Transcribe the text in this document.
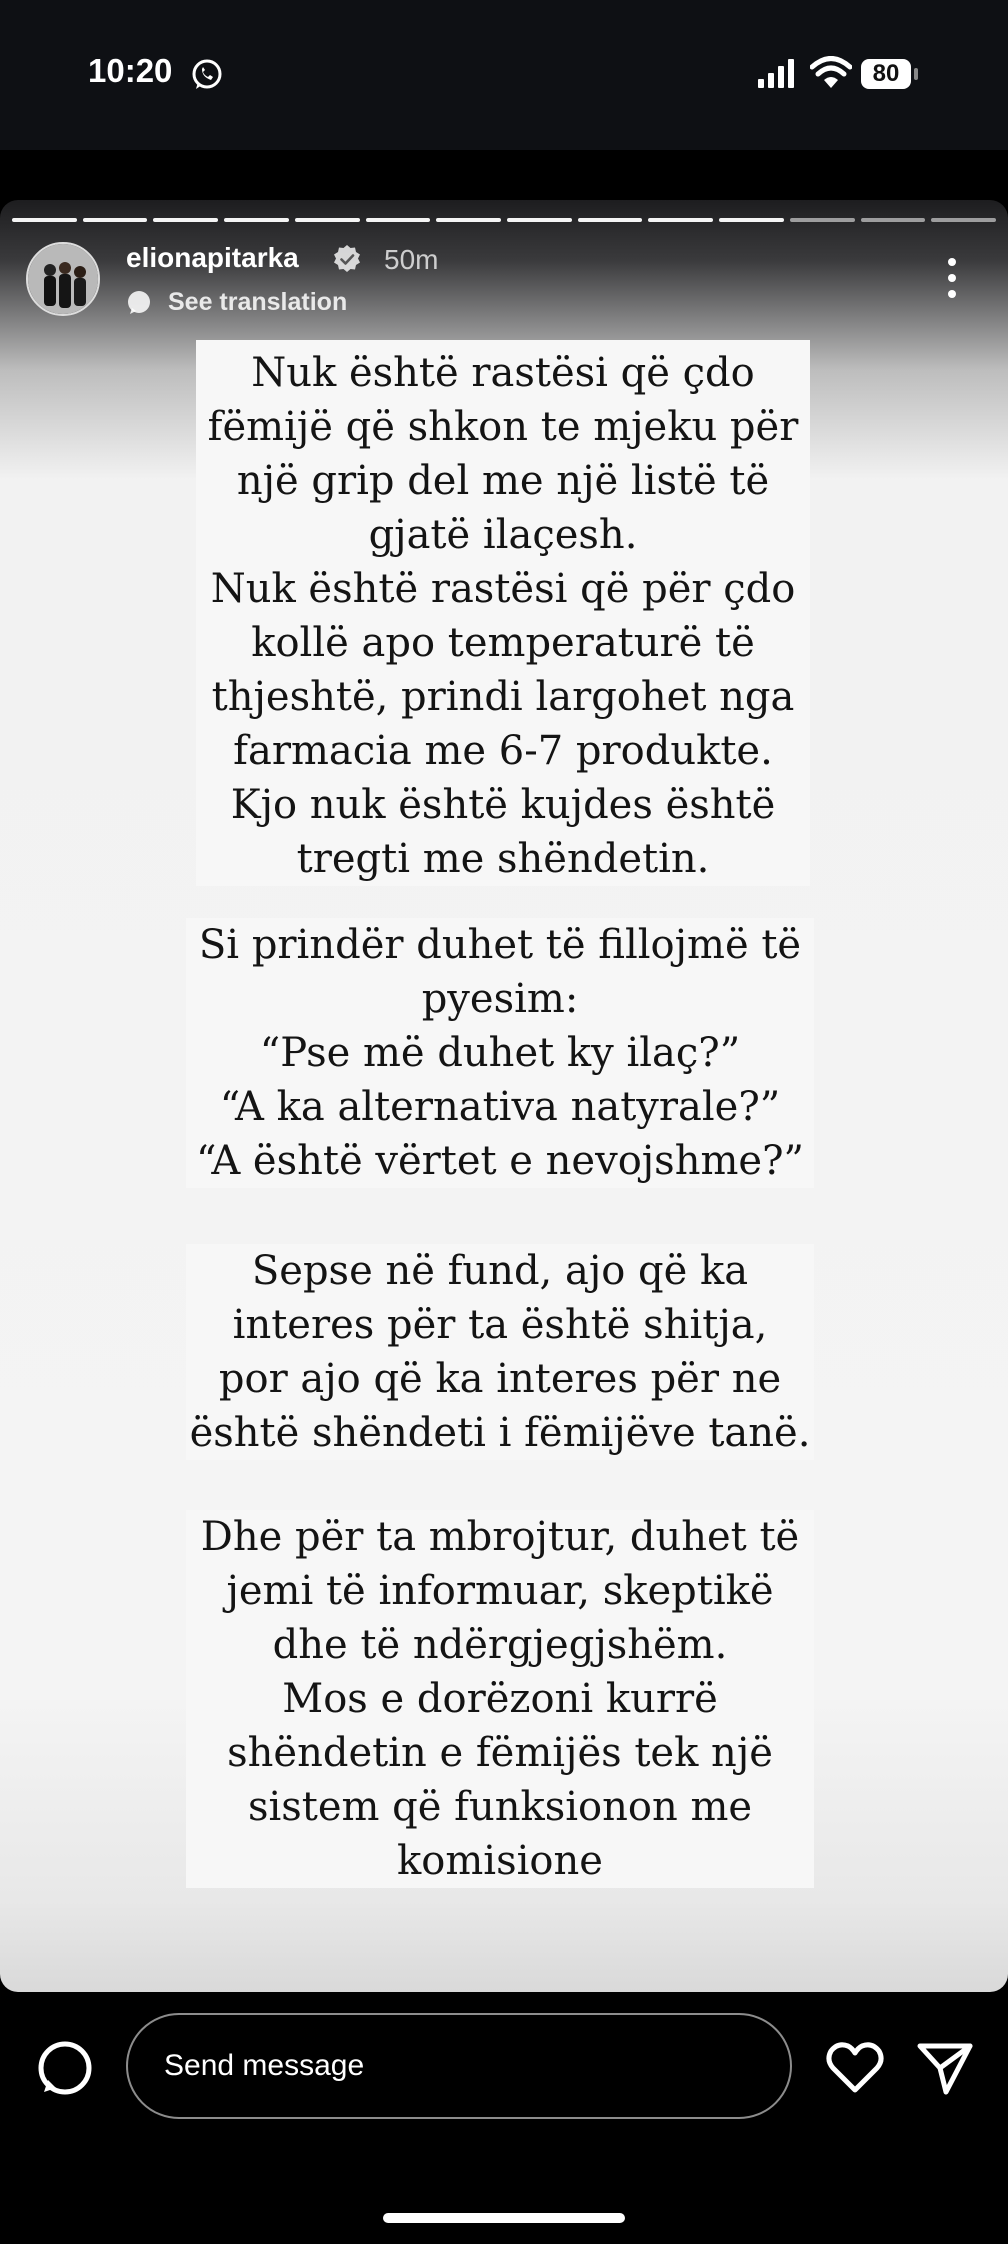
10:20	80
elionapitarka	50m
See translation
Nuk është rastësi që çdo
fëmijë që shkon te mjeku për
një grip del me një listë të
gjatë ilaçesh.
Nuk është rastësi që për çdo
kollë apo temperaturë të
thjeshtë, prindi largohet nga
farmacia me 6-7 produkte.
Kjo nuk është kujdes është
tregti me shëndetin.
Si prindër duhet të fillojmë të
pyesim:
“Pse më duhet ky ilaç?”
“A ka alternativa natyrale?”
“A është vërtet e nevojshme?”
Sepse në fund, ajo që ka
interes për ta është shitja,
por ajo që ka interes për ne
është shëndeti i fëmijëve tanë.
Dhe për ta mbrojtur, duhet të
jemi të informuar, skeptikë
dhe të ndërgjegjshëm.
Mos e dorëzoni kurrë
shëndetin e fëmijës tek një
sistem që funksionon me
komisione
Send message
